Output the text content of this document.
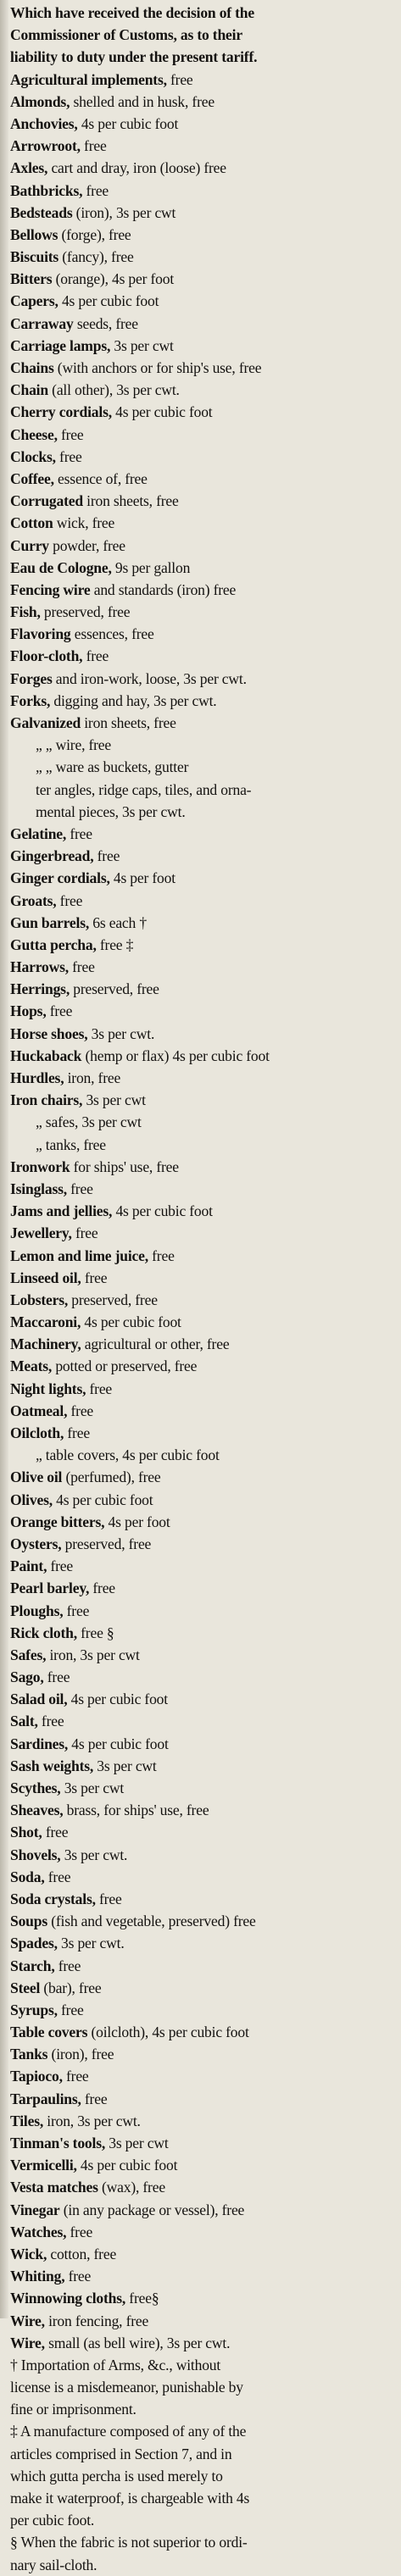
Which have received the decision of the
Commissioner of Customs, as to their
liability to duty under the present tariff.
Agricultural implements, free
Almonds, shelled and in husk, free
Anchovies, 4s per cubic foot
Arrowroot, free
Axles, cart and dray, iron (loose) free
Bathbricks, free
Bedsteads (iron), 3s per cwt
Bellows (forge), free
Biscuits (fancy), free
Bitters (orange), 4s per foot
Capers, 4s per cubic foot
Carraway seeds, free
Carriage lamps, 3s per cwt
Chains (with anchors or for ship's use, free
Chain (all other), 3s per cwt.
Cherry cordials, 4s per cubic foot
Cheese, free
Clocks, free
Coffee, essence of, free
Corrugated iron sheets, free
Cotton wick, free
Curry powder, free
Eau de Cologne, 9s per gallon
Fencing wire and standards (iron) free
Fish, preserved, free
Flavoring essences, free
Floor-cloth, free
Forges and iron-work, loose, 3s per cwt.
Forks, digging and hay, 3s per cwt.
Galvanized iron sheets, free
„ „ wire, free
„ „ ware as buckets, gutter
ter angles, ridge caps, tiles, and orna-
mental pieces, 3s per cwt.
Gelatine, free
Gingerbread, free
Ginger cordials, 4s per foot
Groats, free
Gun barrels, 6s each †
Gutta percha, free ‡
Harrows, free
Herrings, preserved, free
Hops, free
Horse shoes, 3s per cwt.
Huckaback (hemp or flax) 4s per cubic foot
Hurdles, iron, free
Iron chairs, 3s per cwt
„ safes, 3s per cwt
„ tanks, free
Ironwork for ships' use, free
Isinglass, free
Jams and jellies, 4s per cubic foot
Jewellery, free
Lemon and lime juice, free
Linseed oil, free
Lobsters, preserved, free
Maccaroni, 4s per cubic foot
Machinery, agricultural or other, free
Meats, potted or preserved, free
Night lights, free
Oatmeal, free
Oilcloth, free
„ table covers, 4s per cubic foot
Olive oil (perfumed), free
Olives, 4s per cubic foot
Orange bitters, 4s per foot
Oysters, preserved, free
Paint, free
Pearl barley, free
Ploughs, free
Rick cloth, free §
Safes, iron, 3s per cwt
Sago, free
Salad oil, 4s per cubic foot
Salt, free
Sardines, 4s per cubic foot
Sash weights, 3s per cwt
Scythes, 3s per cwt
Sheaves, brass, for ships' use, free
Shot, free
Shovels, 3s per cwt.
Soda, free
Soda crystals, free
Soups (fish and vegetable, preserved) free
Spades, 3s per cwt.
Starch, free
Steel (bar), free
Syrups, free
Table covers (oilcloth), 4s per cubic foot
Tanks (iron), free
Tapioco, free
Tarpaulins, free
Tiles, iron, 3s per cwt.
Tinman's tools, 3s per cwt
Vermicelli, 4s per cubic foot
Vesta matches (wax), free
Vinegar (in any package or vessel), free
Watches, free
Wick, cotton, free
Whiting, free
Winnowing cloths, free§
Wire, iron fencing, free
Wire, small (as bell wire), 3s per cwt.
† Importation of Arms, &c., without
license is a misdemeanor, punishable by
fine or imprisonment.
‡ A manufacture composed of any of the
articles comprised in Section 7, and in
which gutta percha is used merely to
make it waterproof, is chargeable with 4s
per cubic foot.
§ When the fabric is not superior to ordi-
nary sail-cloth.
